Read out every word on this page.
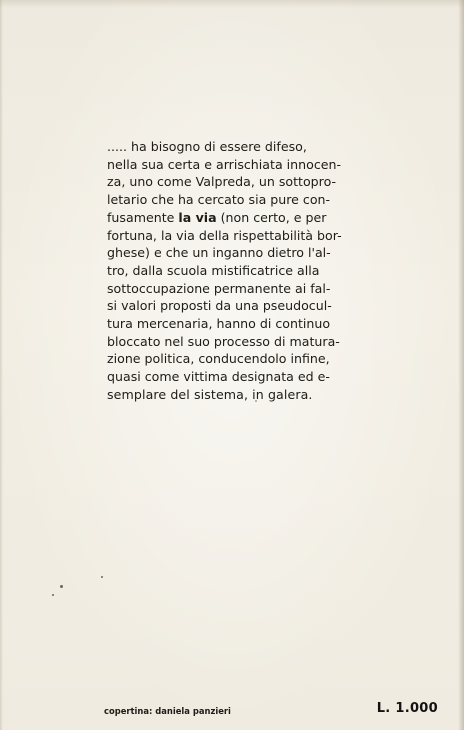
..... ha bisogno di essere difeso,
nella sua certa e arrischiata innocen-
za, uno come Valpreda, un sottopro-
letario che ha cercato sia pure con-
fusamente la via (non certo, e per
fortuna, la via della rispettabilità bor-
ghese) e che un inganno dietro l'al-
tro, dalla scuola mistificatrice alla
sottoccupazione permanente ai fal-
si valori proposti da una pseudocul-
tura mercenaria, hanno di continuo
bloccato nel suo processo di matura-
zione politica, conducendolo infine,
quasi come vittima designata ed e-
semplare del sistema, in galera.
copertina: daniela panzieri	L. 1.000
